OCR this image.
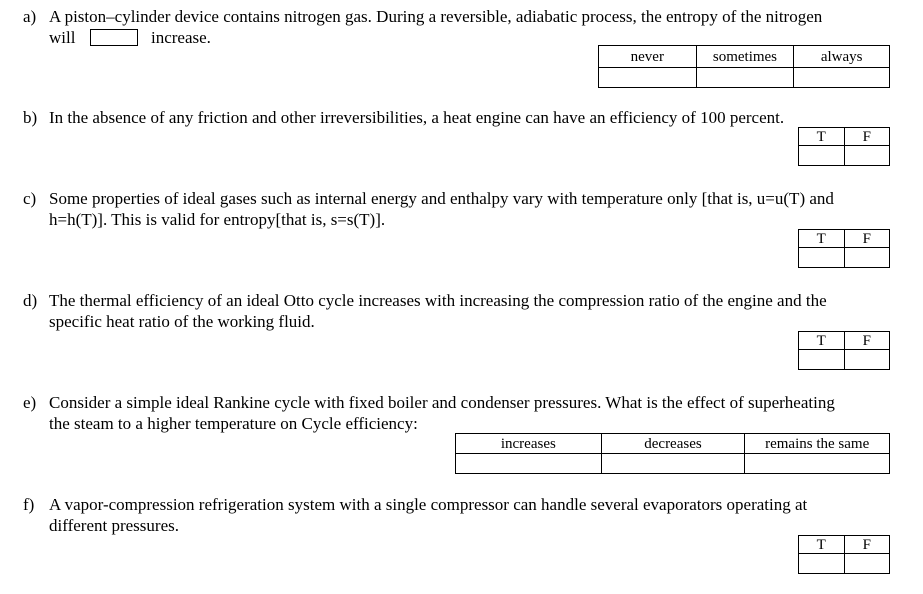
a) A piston–cylinder device contains nitrogen gas. During a reversible, adiabatic process, the entropy of the nitrogen
will	increase.
never	sometimes	always

b) In the absence of any friction and other irreversibilities, a heat engine can have an efficiency of 100 percent.
T	F

c) Some properties of ideal gases such as internal energy and enthalpy vary with temperature only [that is, u=u(T) and
h=h(T)]. This is valid for entropy[that is, s=s(T)].
T	F

d) The thermal efficiency of an ideal Otto cycle increases with increasing the compression ratio of the engine and the
specific heat ratio of the working fluid.
T	F

e) Consider a simple ideal Rankine cycle with fixed boiler and condenser pressures. What is the effect of superheating
the steam to a higher temperature on Cycle efficiency:
increases	decreases	remains the same

f) A vapor-compression refrigeration system with a single compressor can handle several evaporators operating at
different pressures.
T	F
